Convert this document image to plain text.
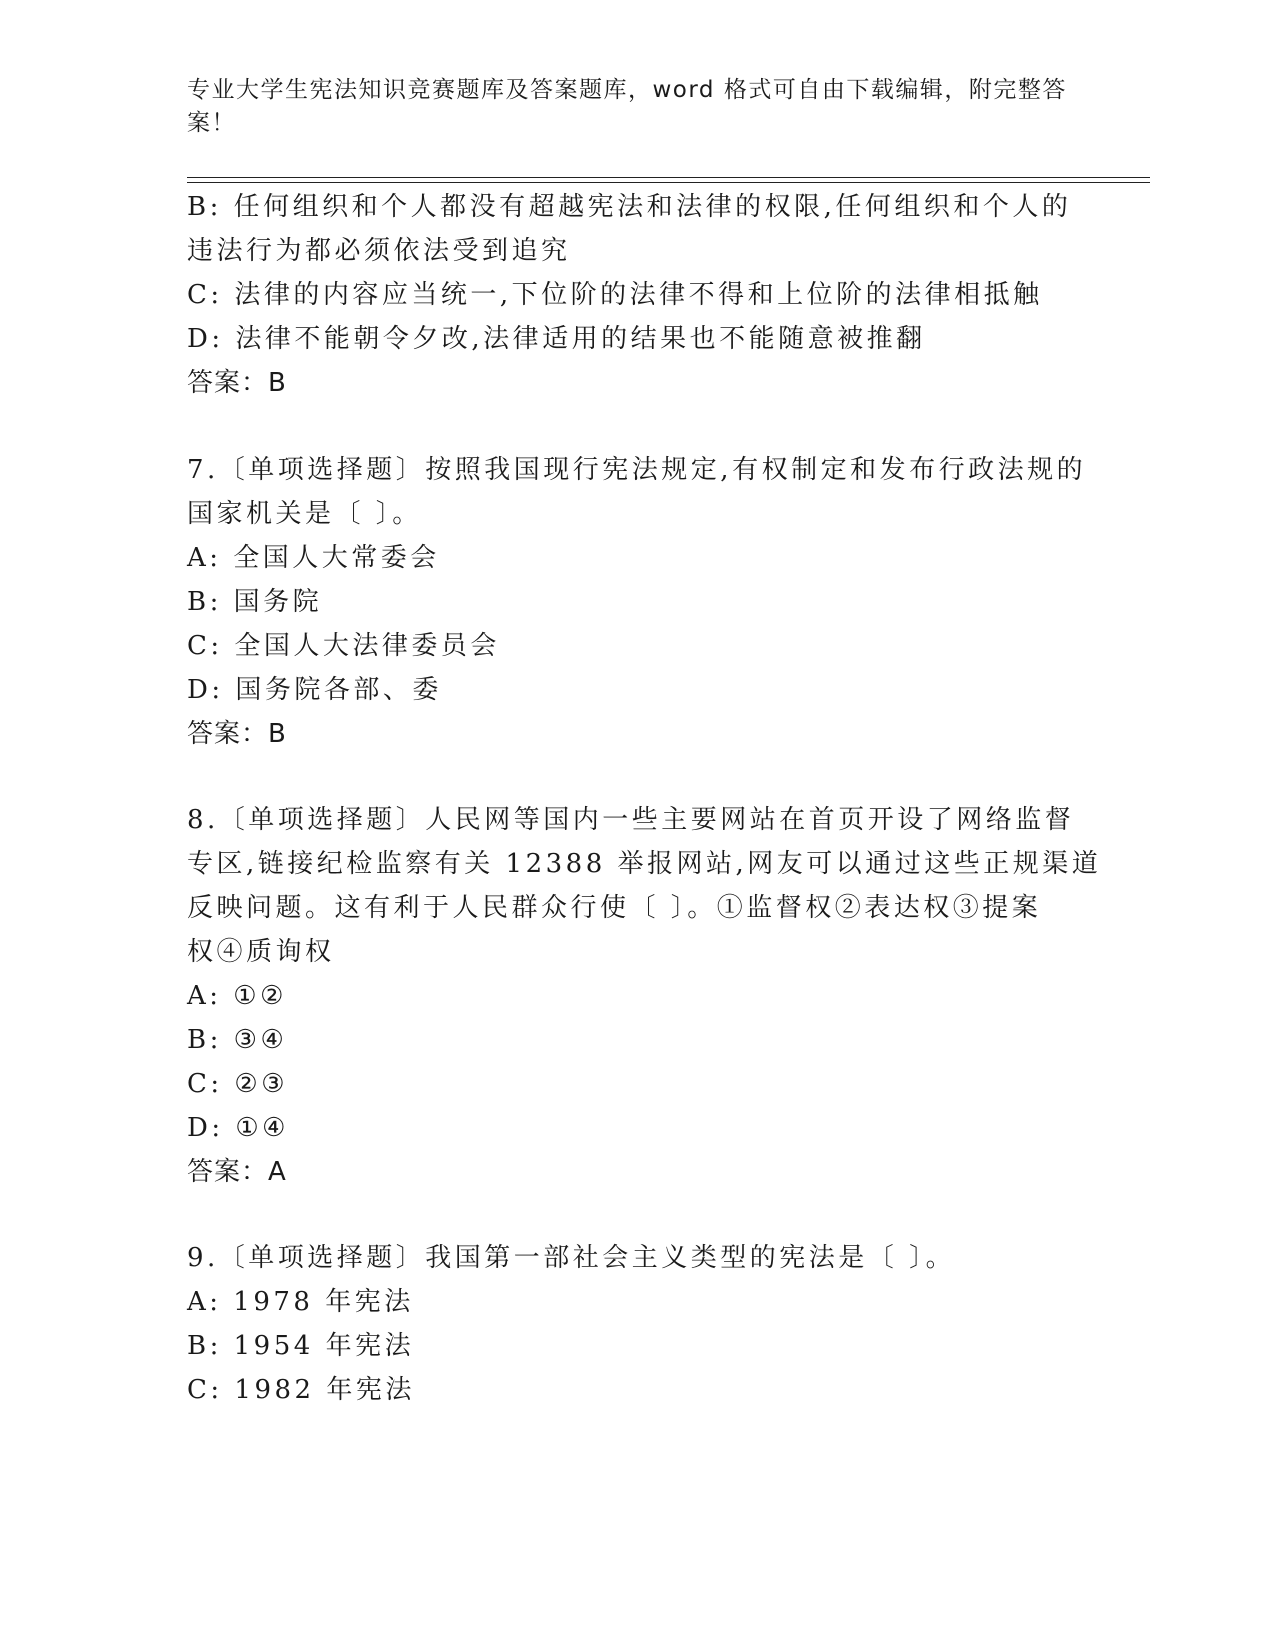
专业大学生宪法知识竞赛题库及答案题库，word 格式可自由下载编辑，附完整答案！
B: 任何组织和个人都没有超越宪法和法律的权限,任何组织和个人的
违法行为都必须依法受到追究
C: 法律的内容应当统一,下位阶的法律不得和上位阶的法律相抵触
D: 法律不能朝令夕改,法律适用的结果也不能随意被推翻
答案：B
7.〔单项选择题〕按照我国现行宪法规定,有权制定和发布行政法规的
国家机关是〔 〕。
A: 全国人大常委会
B: 国务院
C: 全国人大法律委员会
D: 国务院各部、委
答案：B
8.〔单项选择题〕人民网等国内一些主要网站在首页开设了网络监督
专区,链接纪检监察有关 12388 举报网站,网友可以通过这些正规渠道
反映问题。这有利于人民群众行使〔 〕。①监督权②表达权③提案
权④质询权
A: ①②
B: ③④
C: ②③
D: ①④
答案：A
9.〔单项选择题〕我国第一部社会主义类型的宪法是〔 〕。
A: 1978 年宪法
B: 1954 年宪法
C: 1982 年宪法
